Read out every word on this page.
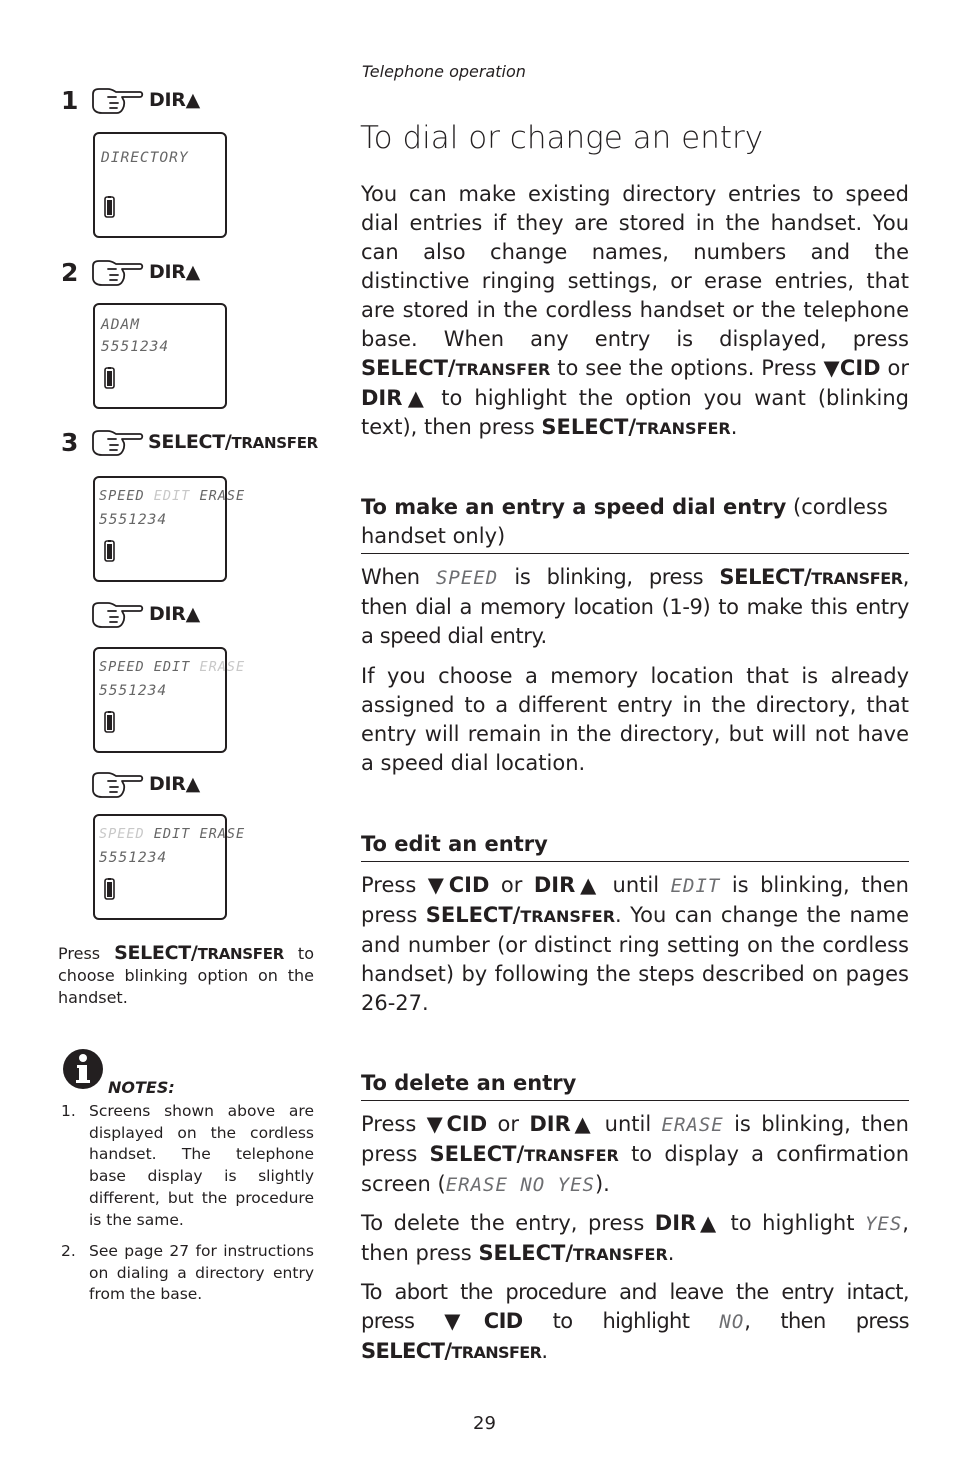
Telephone operation
To dial or change an entry
You can make existing directory entries to speed dial entries if they are stored in the handset. You can also change names, numbers and the distinctive ringing settings, or erase entries, that are stored in the cordless handset or the telephone base. When any entry is displayed, press SELECT/TRANSFER to see the options. Press ▼CID or DIR▲ to highlight the option you want (blinking text), then press SELECT/TRANSFER.
To make an entry a speed dial entry (cordless handset only)
When SPEED is blinking, press SELECT/TRANSFER, then dial a memory location (1-9) to make this entry a speed dial entry.
If you choose a memory location that is already assigned to a different entry in the directory, that entry will remain in the directory, but will not have a speed dial location.
To edit an entry
Press ▼CID or DIR▲ until EDIT is blinking, then press SELECT/TRANSFER. You can change the name and number (or distinct ring setting on the cordless handset) by following the steps described on pages 26-27.
To delete an entry
Press ▼CID or DIR▲ until ERASE is blinking, then press SELECT/TRANSFER to display a confirmation screen (ERASE NO YES).
To delete the entry, press DIR▲ to highlight YES, then press SELECT/TRANSFER.
To abort the procedure and leave the entry intact, press ▼CID to highlight NO, then press SELECT/TRANSFER.
1	DIR▲
DIRECTORY
2	DIR▲
ADAM
5551234
3	SELECT/TRANSFER
SPEED EDIT ERASE
5551234
DIR▲
SPEED EDIT ERASE
5551234
DIR▲
SPEED EDIT ERASE
5551234
Press SELECT/TRANSFER to choose blinking option on the handset.
NOTES:
1. Screens shown above are displayed on the cordless handset. The telephone base display is slightly different, but the procedure is the same.
2. See page 27 for instructions on dialing a directory entry from the base.
29
